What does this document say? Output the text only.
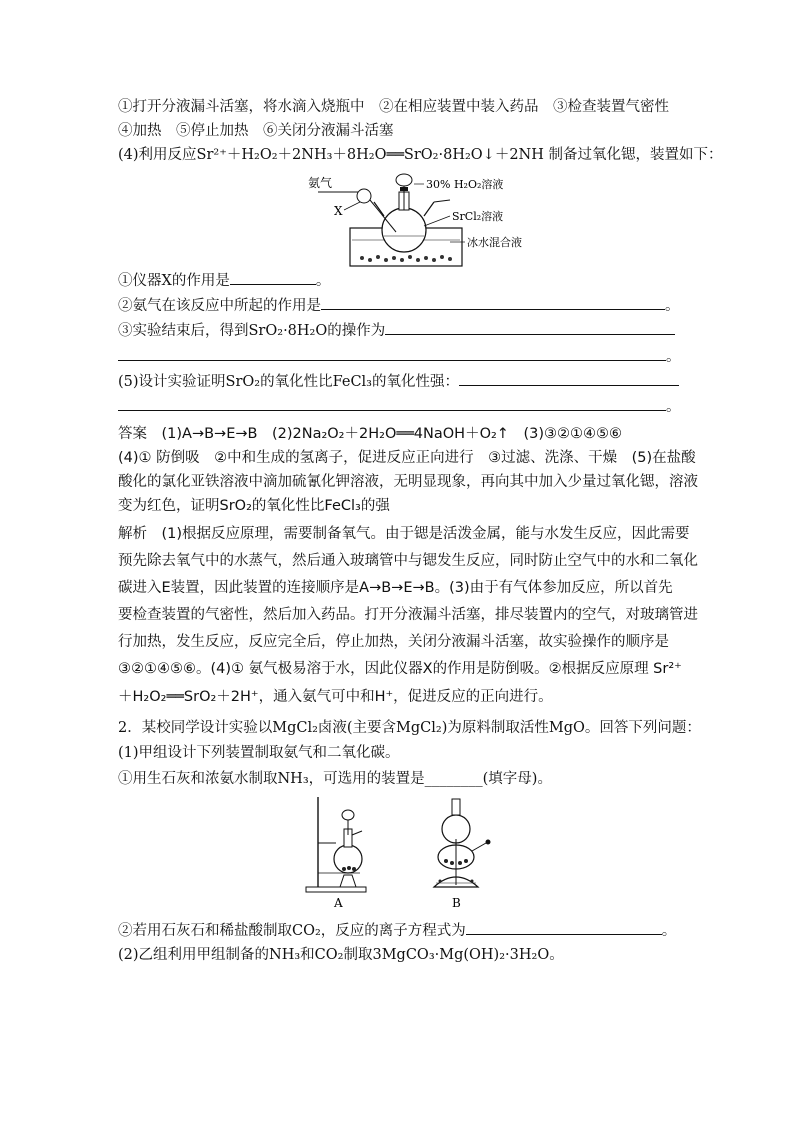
①打开分液漏斗活塞，将水滴入烧瓶中　②在相应装置中装入药品　③检查装置气密性
④加热　⑤停止加热　⑥关闭分液漏斗活塞
(4)利用反应Sr²⁺＋H₂O₂＋2NH₃＋8H₂O══SrO₂·8H₂O↓＋2NH 制备过氧化锶，装置如下：
氨气
X
30% H₂O₂溶液
SrCl₂溶液
冰水混合液
①仪器X的作用是	。
②氨气在该反应中所起的作用是	。
③实验结束后，得到SrO₂·8H₂O的操作为
。
(5)设计实验证明SrO₂的氧化性比FeCl₃的氧化性强：
。
答案　(1)A→B→E→B　(2)2Na₂O₂＋2H₂O══4NaOH＋O₂↑　(3)③②①④⑤⑥
(4)① 防倒吸　②中和生成的氢离子，促进反应正向进行　③过滤、洗涤、干燥　(5)在盐酸
酸化的氯化亚铁溶液中滴加硫氰化钾溶液，无明显现象，再向其中加入少量过氧化锶，溶液
变为红色，证明SrO₂的氧化性比FeCl₃的强
解析　(1)根据反应原理，需要制备氧气。由于锶是活泼金属，能与水发生反应，因此需要
预先除去氧气中的水蒸气，然后通入玻璃管中与锶发生反应，同时防止空气中的水和二氧化
碳进入E装置，因此装置的连接顺序是A→B→E→B。(3)由于有气体参加反应，所以首先
要检查装置的气密性，然后加入药品。打开分液漏斗活塞，排尽装置内的空气，对玻璃管进
行加热，发生反应，反应完全后，停止加热，关闭分液漏斗活塞，故实验操作的顺序是
③②①④⑤⑥。(4)① 氨气极易溶于水，因此仪器X的作用是防倒吸。②根据反应原理 Sr²⁺
＋H₂O₂══SrO₂＋2H⁺，通入氨气可中和H⁺，促进反应的正向进行。
2．某校同学设计实验以MgCl₂卤液(主要含MgCl₂)为原料制取活性MgO。回答下列问题：
(1)甲组设计下列装置制取氨气和二氧化碳。
①用生石灰和浓氨水制取NH₃，可选用的装置是________(填字母)。
A	B
②若用石灰石和稀盐酸制取CO₂，反应的离子方程式为	。
(2)乙组利用甲组制备的NH₃和CO₂制取3MgCO₃·Mg(OH)₂·3H₂O。
